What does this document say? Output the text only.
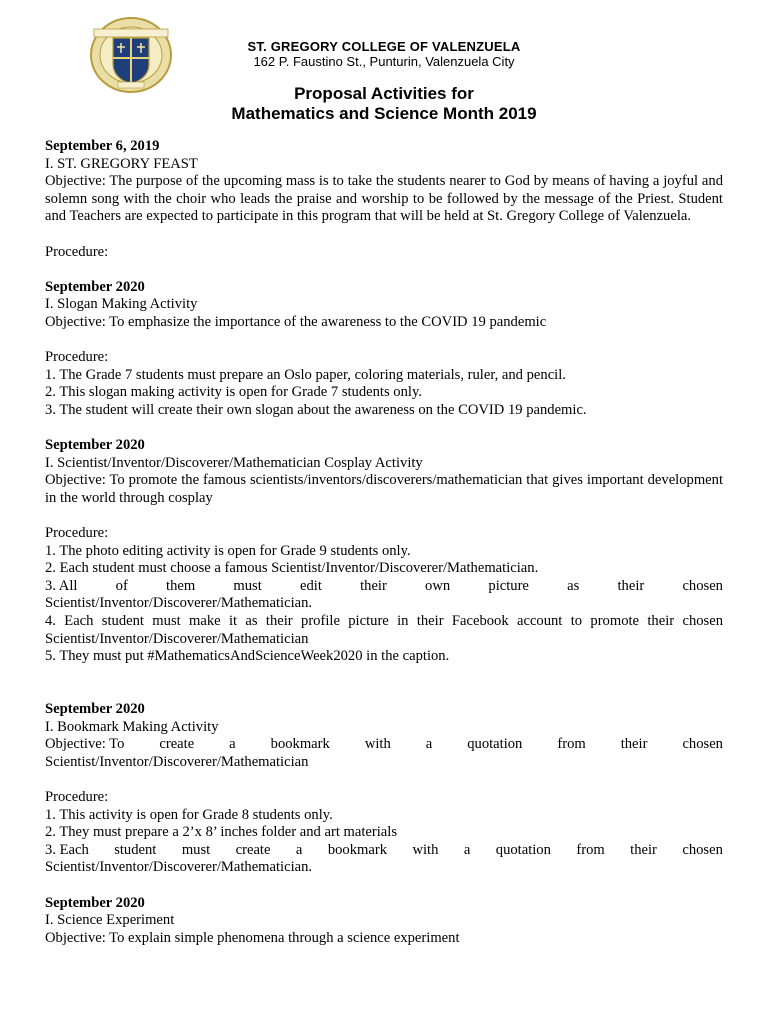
ST. GREGORY COLLEGE OF VALENZUELA
162 P. Faustino St., Punturin, Valenzuela City
Proposal Activities for
Mathematics and Science Month 2019
September 6, 2019
I. ST. GREGORY FEAST
Objective: The purpose of the upcoming mass is to take the students nearer to God by means of having a joyful and solemn song with the choir who leads the praise and worship to be followed by the message of the Priest. Student and Teachers are expected to participate in this program that will be held at St. Gregory College of Valenzuela.
Procedure:
September 2020
I. Slogan Making Activity
Objective: To emphasize the importance of the awareness to the COVID 19 pandemic
Procedure:
1. The Grade 7 students must prepare an Oslo paper, coloring materials, ruler, and pencil.
2. This slogan making activity is open for Grade 7 students only.
3. The student will create their own slogan about the awareness on the COVID 19 pandemic.
September 2020
I. Scientist/Inventor/Discoverer/Mathematician Cosplay Activity
Objective: To promote the famous scientists/inventors/discoverers/mathematician that gives important development in the world through cosplay
Procedure:
1. The photo editing activity is open for Grade 9 students only.
2. Each student must choose a famous Scientist/Inventor/Discoverer/Mathematician.
3. All	of	them	must	edit	their	own	picture	as	their	chosen
Scientist/Inventor/Discoverer/Mathematician.
4. Each student must make it as their profile picture in their Facebook account to promote their chosen Scientist/Inventor/Discoverer/Mathematician
5. They must put #MathematicsAndScienceWeek2020 in the caption.
September 2020
I. Bookmark Making Activity
Objective: To create a bookmark with a quotation from their chosen
Scientist/Inventor/Discoverer/Mathematician
Procedure:
1. This activity is open for Grade 8 students only.
2. They must prepare a 2’x 8’ inches folder and art materials
3. Each student must create a bookmark with a quotation from their chosen
Scientist/Inventor/Discoverer/Mathematician.
September 2020
I. Science Experiment
Objective: To explain simple phenomena through a science experiment
